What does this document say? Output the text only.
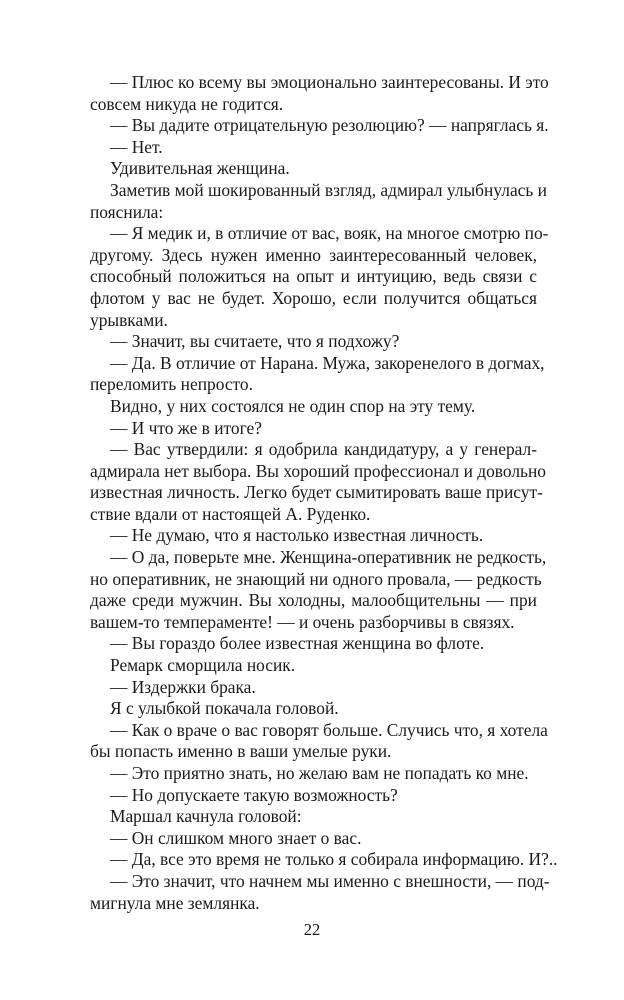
— Плюс ко всему вы эмоционально заинтересованы. И это
совсем никуда не годится.
— Вы дадите отрицательную резолюцию? — напряглась я.
— Нет.
Удивительная женщина.
Заметив мой шокированный взгляд, адмирал улыбнулась и
пояснила:
— Я медик и, в отличие от вас, вояк, на многое смотрю по-
другому. Здесь нужен именно заинтересованный человек,
способный положиться на опыт и интуицию, ведь связи с
флотом у вас не будет. Хорошо, если получится общаться
урывками.
— Значит, вы считаете, что я подхожу?
— Да. В отличие от Нарана. Мужа, закоренелого в догмах,
переломить непросто.
Видно, у них состоялся не один спор на эту тему.
— И что же в итоге?
— Вас утвердили: я одобрила кандидатуру, а у генерал-
адмирала нет выбора. Вы хороший профессионал и довольно
известная личность. Легко будет сымитировать ваше присут-
ствие вдали от настоящей А. Руденко.
— Не думаю, что я настолько известная личность.
— О да, поверьте мне. Женщина-оперативник не редкость,
но оперативник, не знающий ни одного провала, — редкость
даже среди мужчин. Вы холодны, малообщительны — при
вашем-то темпераменте! — и очень разборчивы в связях.
— Вы гораздо более известная женщина во флоте.
Ремарк сморщила носик.
— Издержки брака.
Я с улыбкой покачала головой.
— Как о враче о вас говорят больше. Случись что, я хотела
бы попасть именно в ваши умелые руки.
— Это приятно знать, но желаю вам не попадать ко мне.
— Но допускаете такую возможность?
Маршал качнула головой:
— Он слишком много знает о вас.
— Да, все это время не только я собирала информацию. И?..
— Это значит, что начнем мы именно с внешности, — под-
мигнула мне землянка.
22
